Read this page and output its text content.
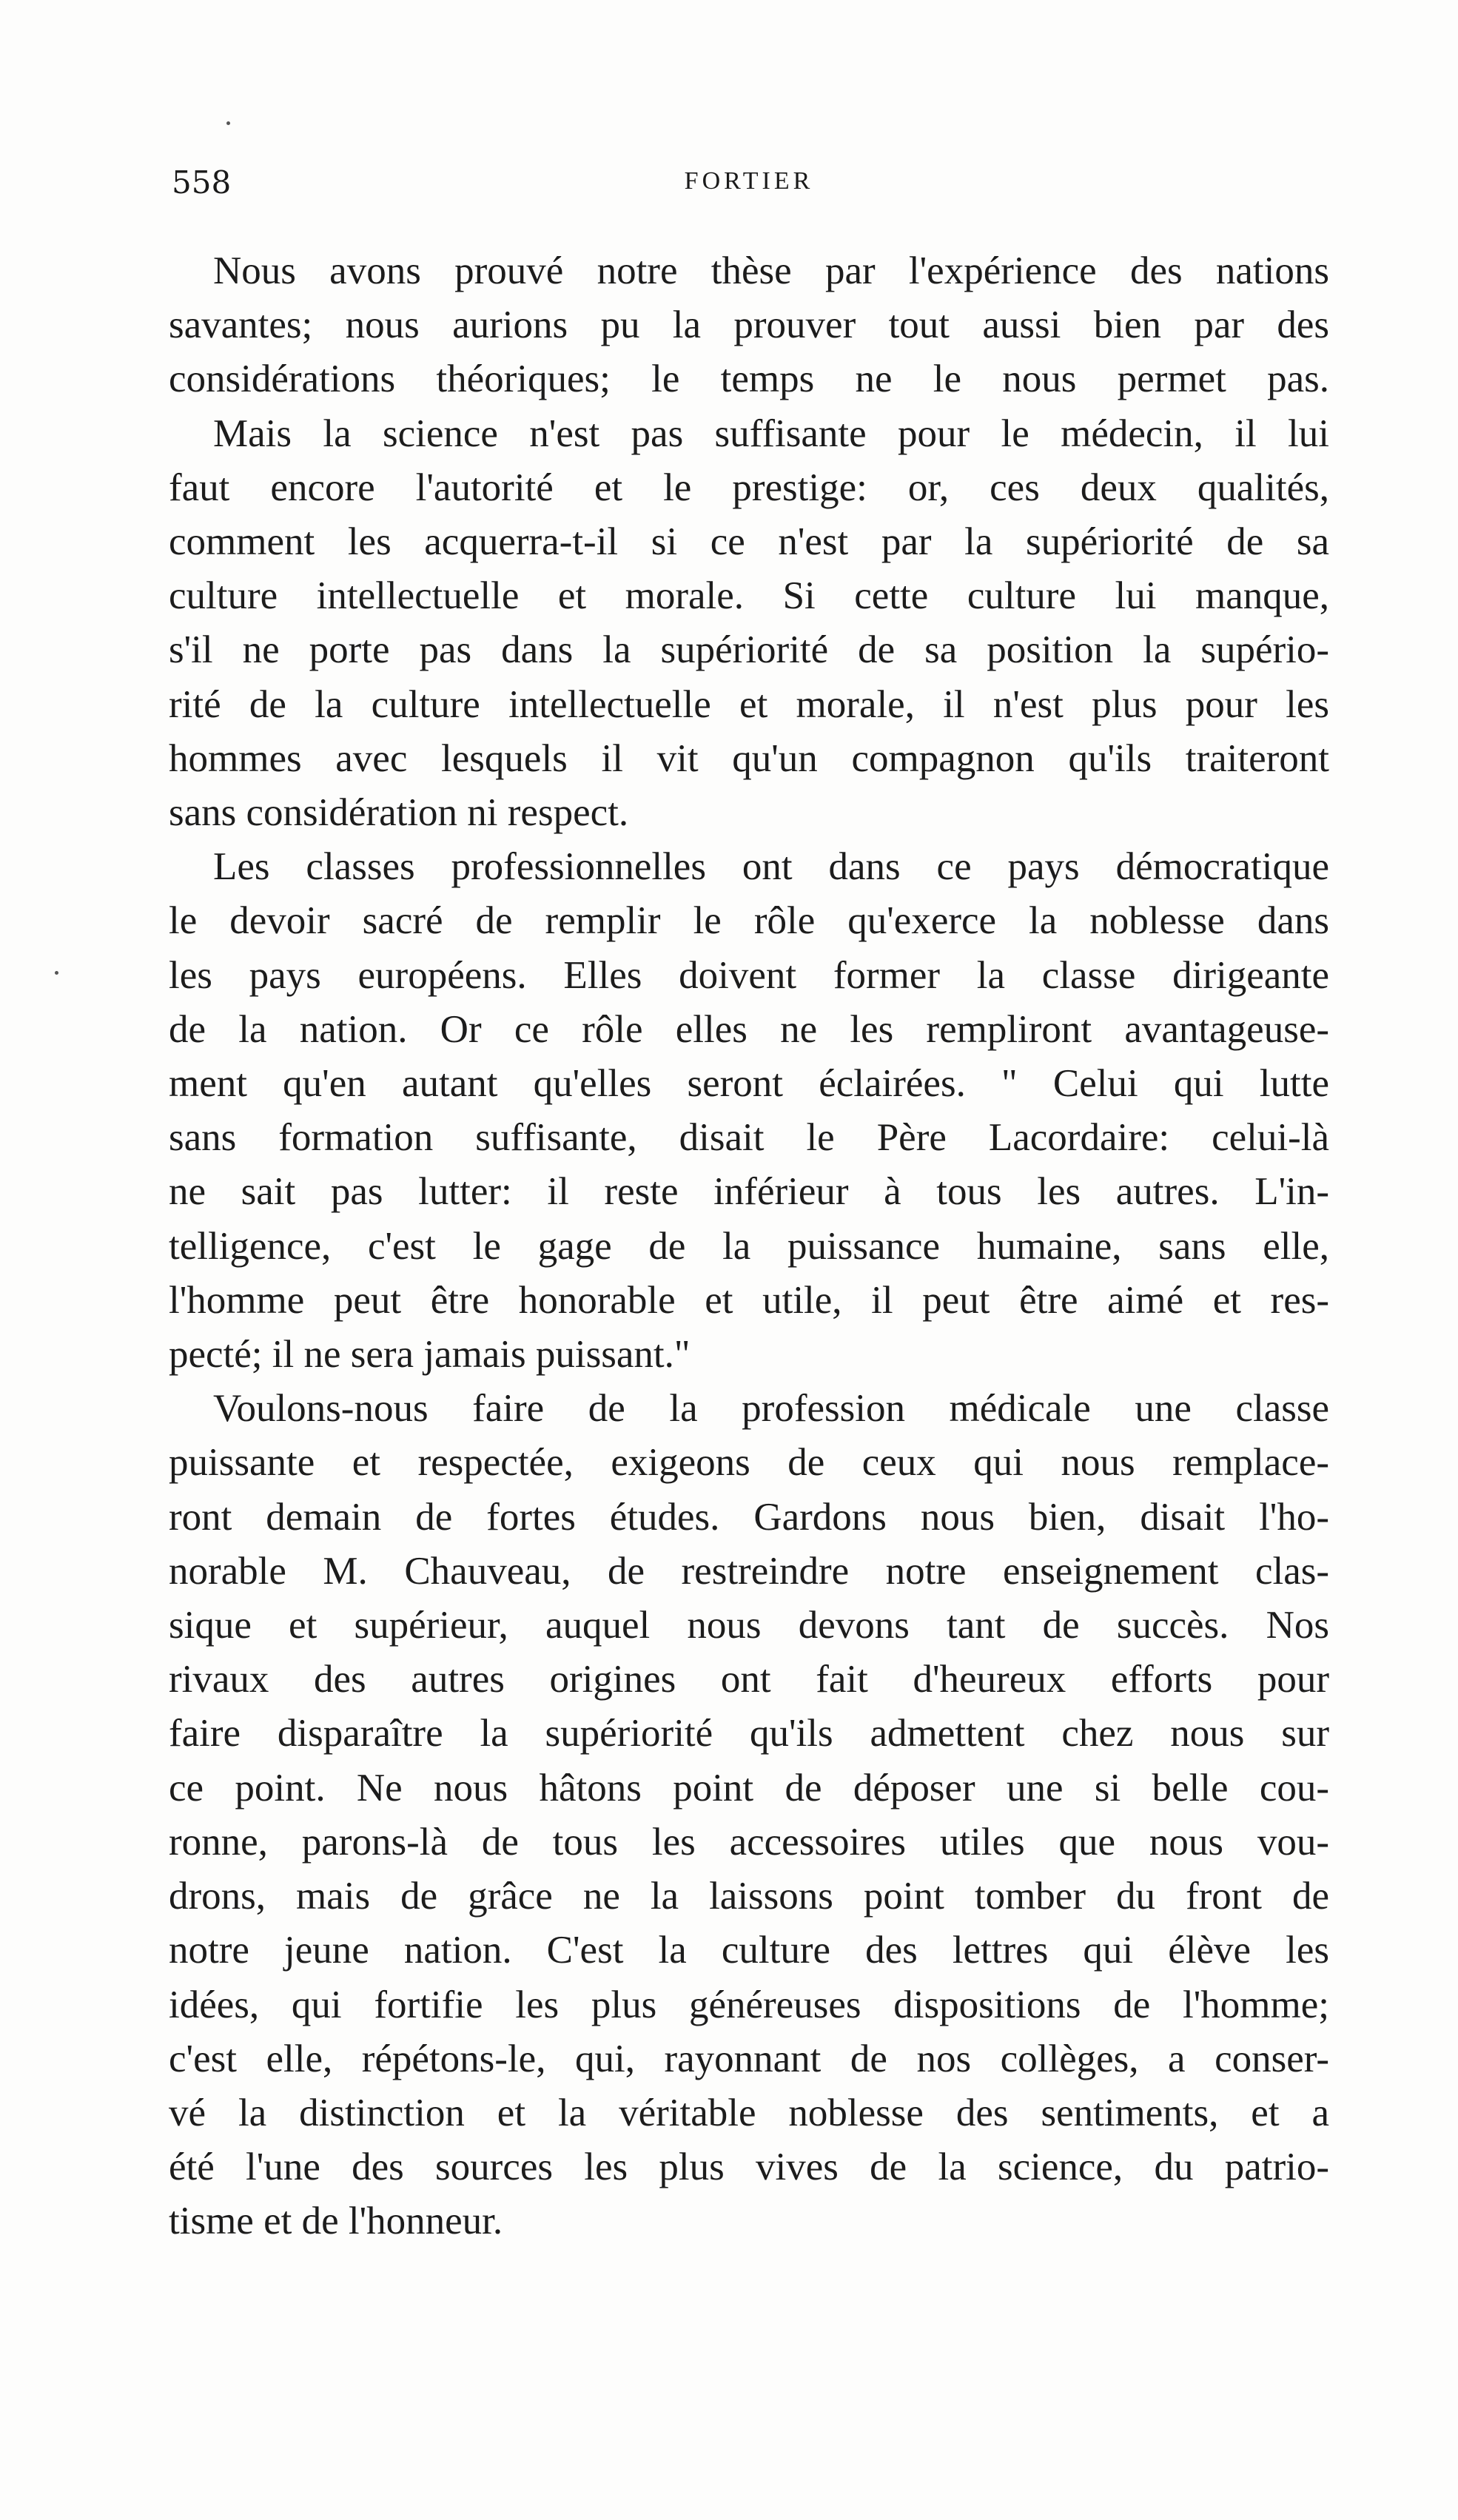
558	FORTIER

Nous avons prouvé notre thèse par l'expérience des nations
savantes; nous aurions pu la prouver tout aussi bien par des
considérations théoriques; le temps ne le nous permet pas.

Mais la science n'est pas suffisante pour le médecin, il lui
faut encore l'autorité et le prestige: or, ces deux qualités,
comment les acquerra-t-il si ce n'est par la supériorité de sa
culture intellectuelle et morale. Si cette culture lui manque,
s'il ne porte pas dans la supériorité de sa position la supério-
rité de la culture intellectuelle et morale, il n'est plus pour les
hommes avec lesquels il vit qu'un compagnon qu'ils traiteront
sans considération ni respect.

Les classes professionnelles ont dans ce pays démocratique
le devoir sacré de remplir le rôle qu'exerce la noblesse dans
les pays européens. Elles doivent former la classe dirigeante
de la nation. Or ce rôle elles ne les rempliront avantageuse-
ment qu'en autant qu'elles seront éclairées. " Celui qui lutte
sans formation suffisante, disait le Père Lacordaire: celui-là
ne sait pas lutter: il reste inférieur à tous les autres. L'in-
telligence, c'est le gage de la puissance humaine, sans elle,
l'homme peut être honorable et utile, il peut être aimé et res-
pecté; il ne sera jamais puissant."

Voulons-nous faire de la profession médicale une classe
puissante et respectée, exigeons de ceux qui nous remplace-
ront demain de fortes études. Gardons nous bien, disait l'ho-
norable M. Chauveau, de restreindre notre enseignement clas-
sique et supérieur, auquel nous devons tant de succès. Nos
rivaux des autres origines ont fait d'heureux efforts pour
faire disparaître la supériorité qu'ils admettent chez nous sur
ce point. Ne nous hâtons point de déposer une si belle cou-
ronne, parons-là de tous les accessoires utiles que nous vou-
drons, mais de grâce ne la laissons point tomber du front de
notre jeune nation. C'est la culture des lettres qui élève les
idées, qui fortifie les plus généreuses dispositions de l'homme;
c'est elle, répétons-le, qui, rayonnant de nos collèges, a conser-
vé la distinction et la véritable noblesse des sentiments, et a
été l'une des sources les plus vives de la science, du patrio-
tisme et de l'honneur.
